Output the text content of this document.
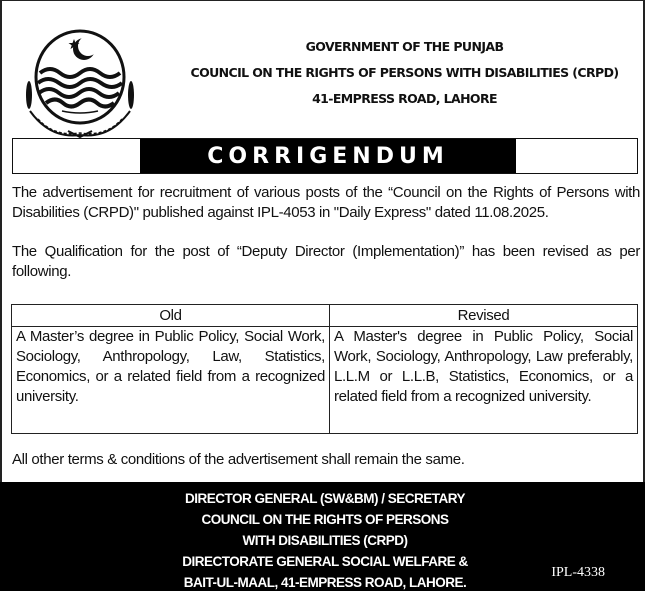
GOVERNMENT OF THE PUNJAB
COUNCIL ON THE RIGHTS OF PERSONS WITH DISABILITIES (CRPD)
41-EMPRESS ROAD, LAHORE
CORRIGENDUM
The advertisement for recruitment of various posts of the “Council on the Rights of Persons with Disabilities (CRPD)" published against IPL-4053 in "Daily Express" dated 11.08.2025.
The Qualification for the post of “Deputy Director (Implementation)” has been revised as per following.
Old	Revised
A Master’s degree in Public Policy, Social Work, Sociology, Anthropology, Law, Statistics, Economics, or a related field from a recognized university.	A Master's degree in Public Policy, Social Work, Sociology, Anthropology, Law preferably, L.L.M or L.L.B, Statistics, Economics, or a related field from a recognized university.
All other terms & conditions of the advertisement shall remain the same.
DIRECTOR GENERAL (SW&BM) / SECRETARY
COUNCIL ON THE RIGHTS OF PERSONS
WITH DISABILITIES (CRPD)
DIRECTORATE GENERAL SOCIAL WELFARE &
BAIT-UL-MAAL, 41-EMPRESS ROAD, LAHORE.
IPL-4338
